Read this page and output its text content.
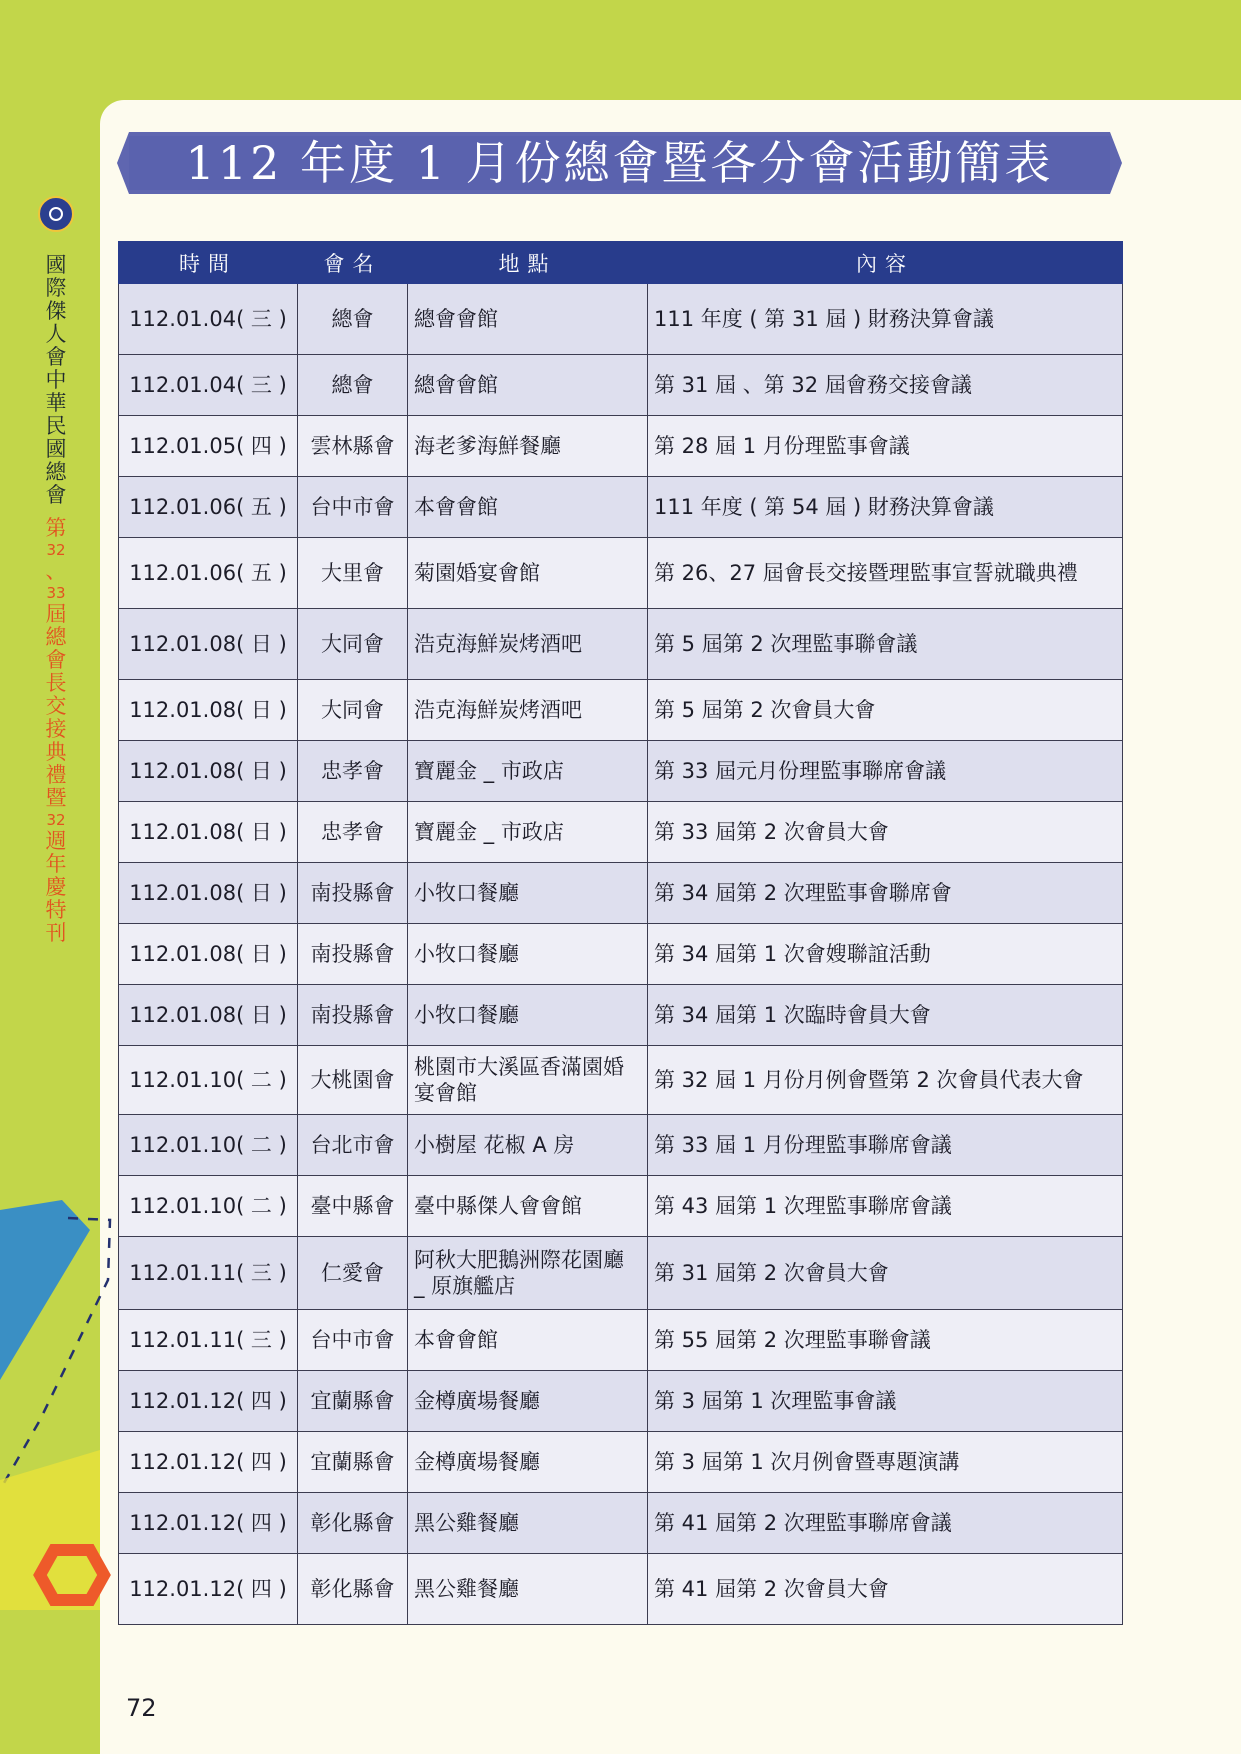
國際傑人會中華民國總會
第
32
、
33
屆總會長交接典禮暨
32
週年慶特刊
112 年度 1 月份總會暨各分會活動簡表
時間	會名	地點	內容
112.01.04( 三 )	總會	總會會館	111 年度 ( 第 31 屆 ) 財務決算會議
112.01.04( 三 )	總會	總會會館	第 31 屆 、第 32 屆會務交接會議
112.01.05( 四 )	雲林縣會	海老爹海鮮餐廳	第 28 屆 1 月份理監事會議
112.01.06( 五 )	台中市會	本會會館	111 年度 ( 第 54 屆 ) 財務決算會議
112.01.06( 五 )	大里會	菊園婚宴會館	第 26、27 屆會長交接暨理監事宣誓就職典禮
112.01.08( 日 )	大同會	浩克海鮮炭烤酒吧	第 5 屆第 2 次理監事聯會議
112.01.08( 日 )	大同會	浩克海鮮炭烤酒吧	第 5 屆第 2 次會員大會
112.01.08( 日 )	忠孝會	寶麗金 _ 市政店	第 33 屆元月份理監事聯席會議
112.01.08( 日 )	忠孝會	寶麗金 _ 市政店	第 33 屆第 2 次會員大會
112.01.08( 日 )	南投縣會	小牧口餐廳	第 34 屆第 2 次理監事會聯席會
112.01.08( 日 )	南投縣會	小牧口餐廳	第 34 屆第 1 次會嫂聯誼活動
112.01.08( 日 )	南投縣會	小牧口餐廳	第 34 屆第 1 次臨時會員大會
112.01.10( 二 )	大桃園會	桃園市大溪區香滿園婚宴會館	第 32 屆 1 月份月例會暨第 2 次會員代表大會
112.01.10( 二 )	台北市會	小樹屋 花椒 A 房	第 33 屆 1 月份理監事聯席會議
112.01.10( 二 )	臺中縣會	臺中縣傑人會會館	第 43 屆第 1 次理監事聯席會議
112.01.11( 三 )	仁愛會	阿秋大肥鵝洲際花園廳 _ 原旗艦店	第 31 屆第 2 次會員大會
112.01.11( 三 )	台中市會	本會會館	第 55 屆第 2 次理監事聯會議
112.01.12( 四 )	宜蘭縣會	金樽廣場餐廳	第 3 屆第 1 次理監事會議
112.01.12( 四 )	宜蘭縣會	金樽廣場餐廳	第 3 屆第 1 次月例會暨專題演講
112.01.12( 四 )	彰化縣會	黑公雞餐廳	第 41 屆第 2 次理監事聯席會議
112.01.12( 四 )	彰化縣會	黑公雞餐廳	第 41 屆第 2 次會員大會
72
